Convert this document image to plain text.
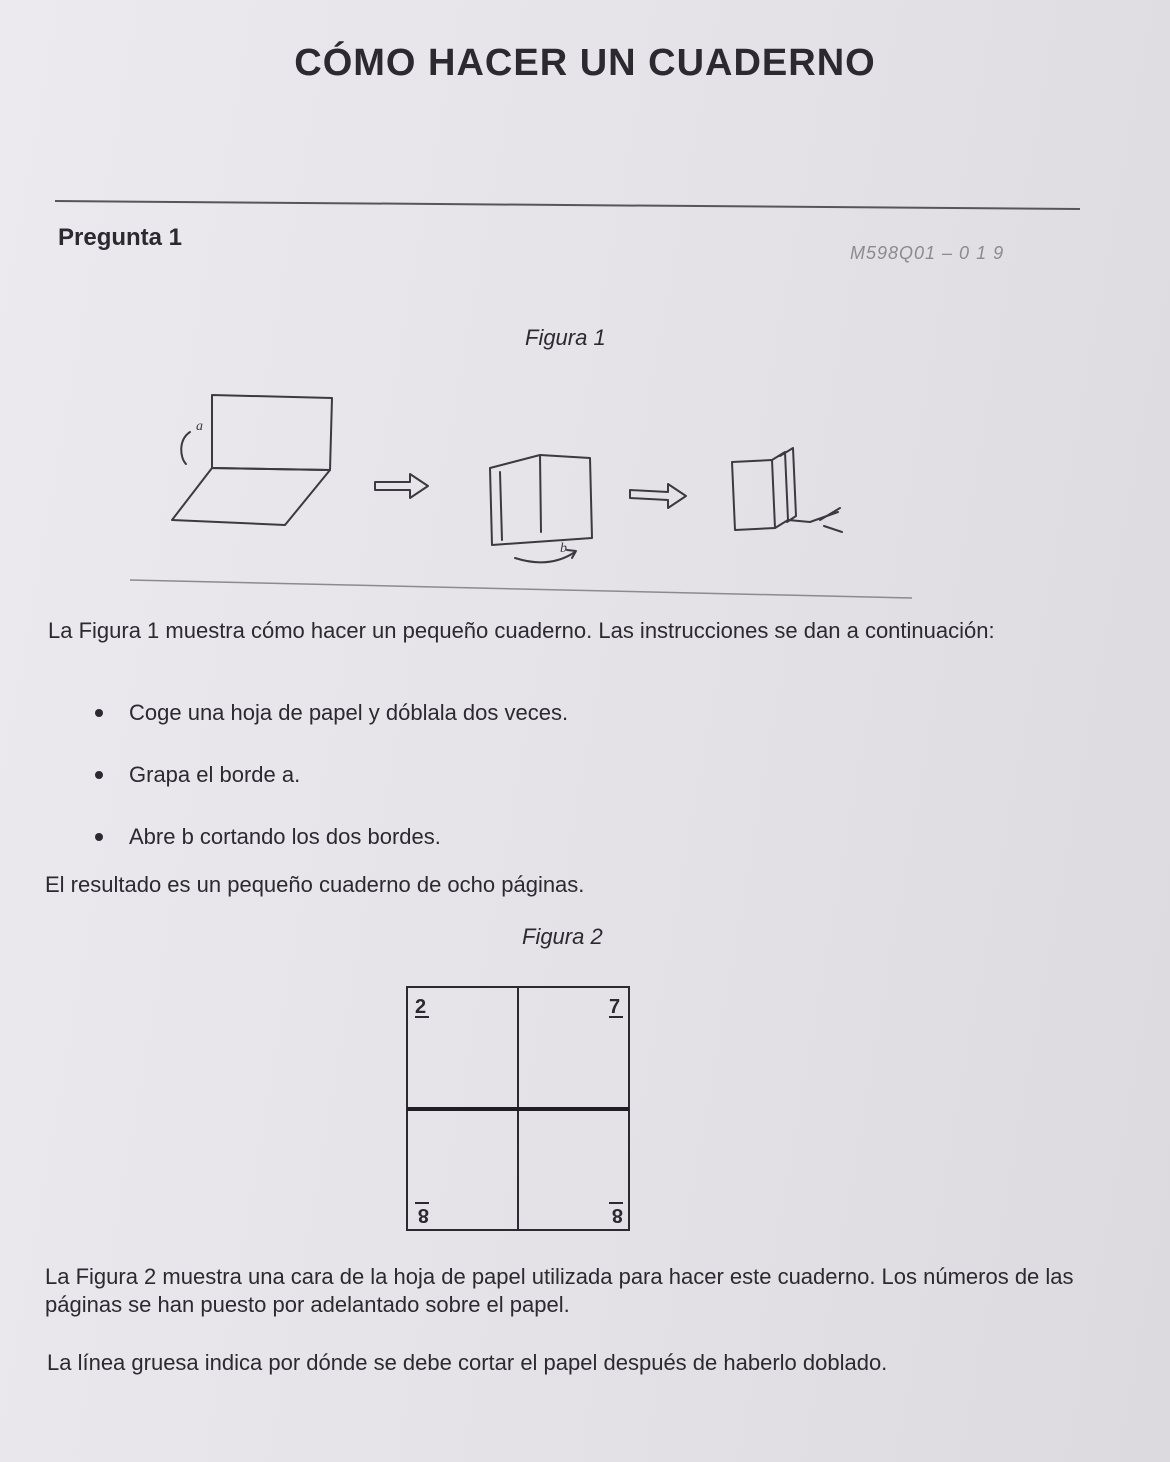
CÓMO HACER UN CUADERNO
Pregunta 1
M598Q01 – 0 1 9
Figura 1
a
b
La Figura 1 muestra cómo hacer un pequeño cuaderno. Las instrucciones se dan a continuación:
Coge una hoja de papel y dóblala dos veces.
Grapa el borde a.
Abre b cortando los dos bordes.
El resultado es un pequeño cuaderno de ocho páginas.
Figura 2
2	7
8	8
La Figura 2 muestra una cara de la hoja de papel utilizada para hacer este cuaderno. Los números de las páginas se han puesto por adelantado sobre el papel.
La línea gruesa indica por dónde se debe cortar el papel después de haberlo doblado.
